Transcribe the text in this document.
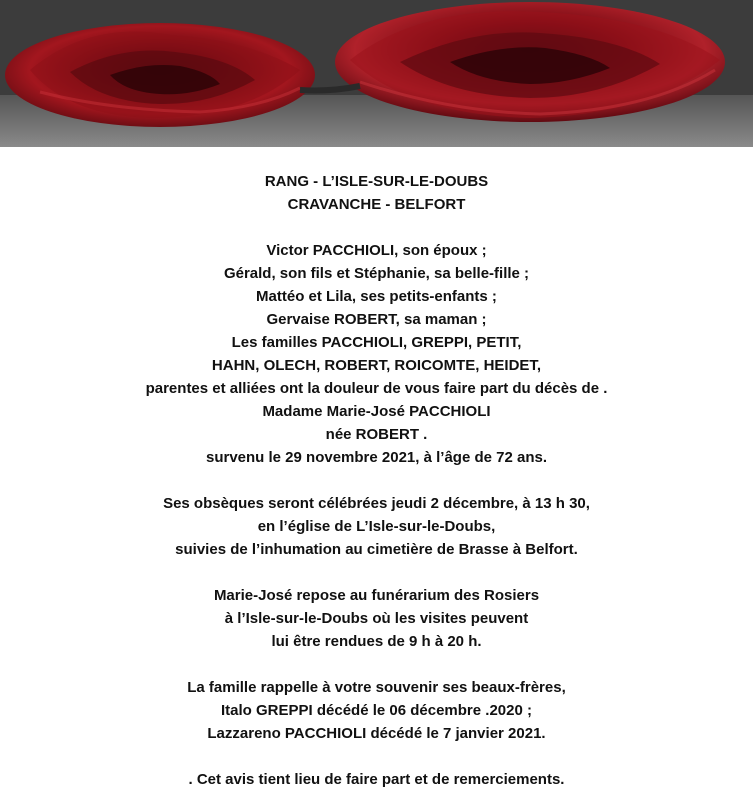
RANG - L’ISLE-SUR-LE-DOUBS
CRAVANCHE - BELFORT
Victor PACCHIOLI, son époux ;
Gérald, son fils et Stéphanie, sa belle-fille ;
Mattéo et Lila, ses petits-enfants ;
Gervaise ROBERT, sa maman ;
Les familles PACCHIOLI, GREPPI, PETIT,
HAHN, OLECH, ROBERT, ROICOMTE, HEIDET,
parentes et alliées ont la douleur de vous faire part du décès de .
Madame Marie-José PACCHIOLI
née ROBERT .
survenu le 29 novembre 2021, à l’âge de 72 ans.
Ses obsèques seront célébrées jeudi 2 décembre, à 13 h 30,
en l’église de L’Isle-sur-le-Doubs,
suivies de l’inhumation au cimetière de Brasse à Belfort.
Marie-José repose au funérarium des Rosiers
à l’Isle-sur-le-Doubs où les visites peuvent
lui être rendues de 9 h à 20 h.
La famille rappelle à votre souvenir ses beaux-frères,
Italo GREPPI décédé le 06 décembre .2020 ;
Lazzareno PACCHIOLI décédé le 7 janvier 2021.
. Cet avis tient lieu de faire part et de remerciements.
